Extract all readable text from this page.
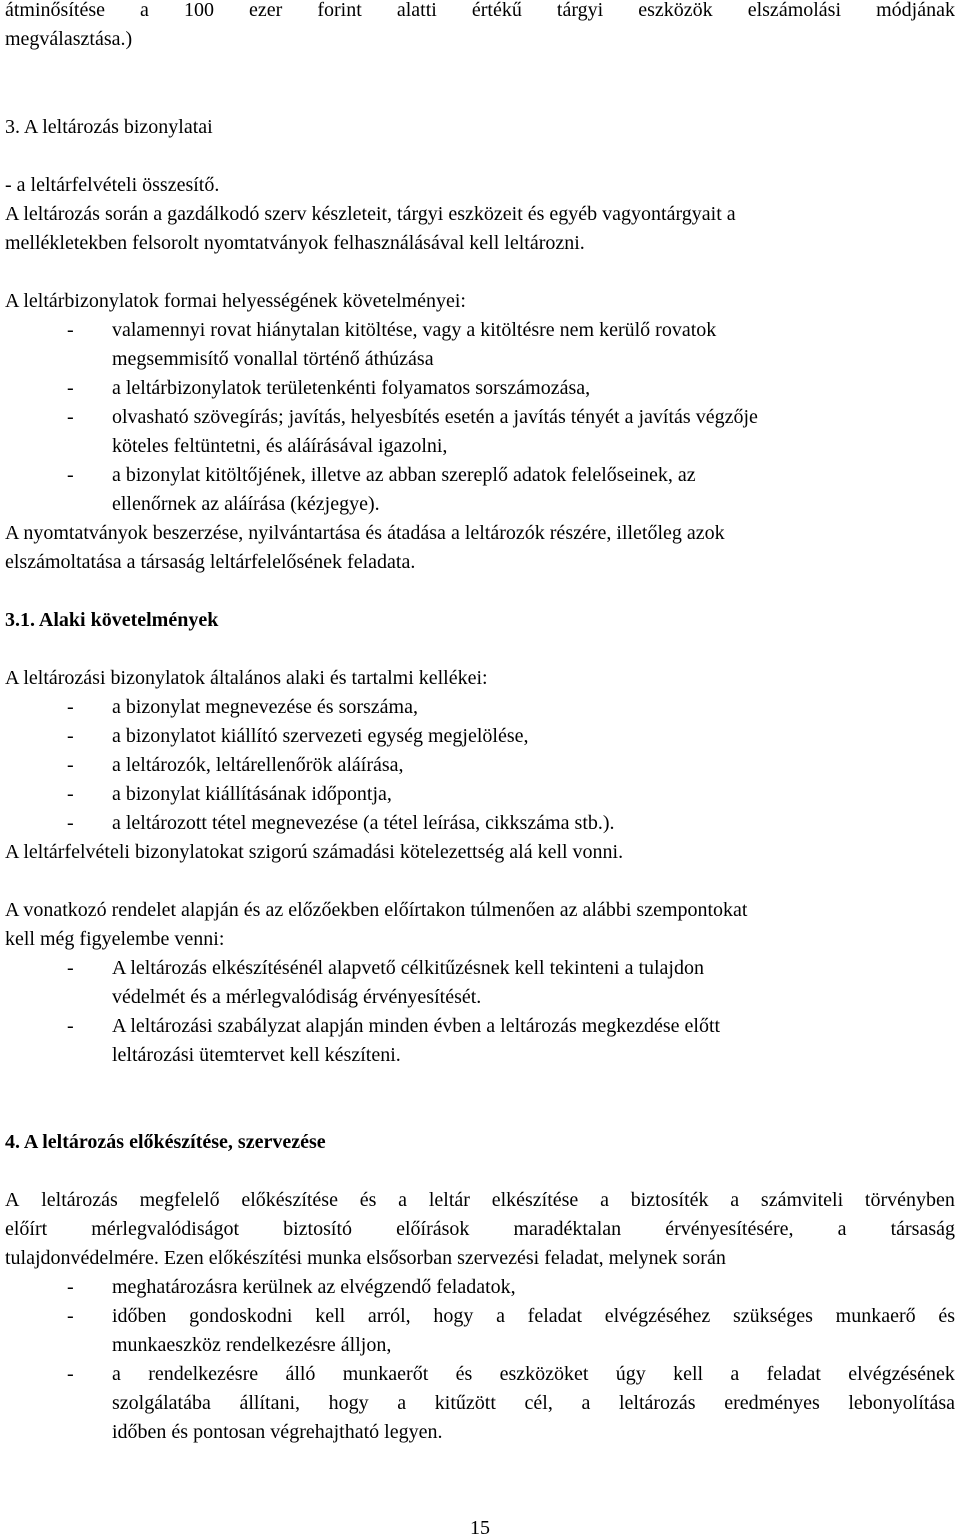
átminősítése a 100 ezer forint alatti értékű tárgyi eszközök elszámolási módjának
megválasztása.)
3. A leltározás bizonylatai
- a leltárfelvételi összesítő.
A leltározás során a gazdálkodó szerv készleteit, tárgyi eszközeit és egyéb vagyontárgyait a
mellékletekben felsorolt nyomtatványok felhasználásával kell leltározni.
A leltárbizonylatok formai helyességének követelményei:
- valamennyi rovat hiánytalan kitöltése, vagy a kitöltésre nem kerülő rovatok
megsemmisítő vonallal történő áthúzása
- a leltárbizonylatok területenkénti folyamatos sorszámozása,
- olvasható szövegírás; javítás, helyesbítés esetén a javítás tényét a javítás végzője
köteles feltüntetni, és aláírásával igazolni,
- a bizonylat kitöltőjének, illetve az abban szereplő adatok felelőseinek, az
ellenőrnek az aláírása (kézjegye).
A nyomtatványok beszerzése, nyilvántartása és átadása a leltározók részére, illetőleg azok
elszámoltatása a társaság leltárfelelősének feladata.
3.1. Alaki követelmények
A leltározási bizonylatok általános alaki és tartalmi kellékei:
- a bizonylat megnevezése és sorszáma,
- a bizonylatot kiállító szervezeti egység megjelölése,
- a leltározók, leltárellenőrök aláírása,
- a bizonylat kiállításának időpontja,
- a leltározott tétel megnevezése (a tétel leírása, cikkszáma stb.).
A leltárfelvételi bizonylatokat szigorú számadási kötelezettség alá kell vonni.
A vonatkozó rendelet alapján és az előzőekben előírtakon túlmenően az alábbi szempontokat
kell még figyelembe venni:
- A leltározás elkészítésénél alapvető célkitűzésnek kell tekinteni a tulajdon
védelmét és a mérlegvalódiság érvényesítését.
- A leltározási szabályzat alapján minden évben a leltározás megkezdése előtt
leltározási ütemtervet kell készíteni.
4. A leltározás előkészítése, szervezése
A leltározás megfelelő előkészítése és a leltár elkészítése a biztosíték a számviteli törvényben
előírt mérlegvalódiságot biztosító előírások maradéktalan érvényesítésére, a társaság
tulajdonvédelmére. Ezen előkészítési munka elsősorban szervezési feladat, melynek során
- meghatározásra kerülnek az elvégzendő feladatok,
- időben gondoskodni kell arról, hogy a feladat elvégzéséhez szükséges munkaerő és
munkaeszköz rendelkezésre álljon,
- a rendelkezésre álló munkaerőt és eszközöket úgy kell a feladat elvégzésének
szolgálatába állítani, hogy a kitűzött cél, a leltározás eredményes lebonyolítása
időben és pontosan végrehajtható legyen.
15
